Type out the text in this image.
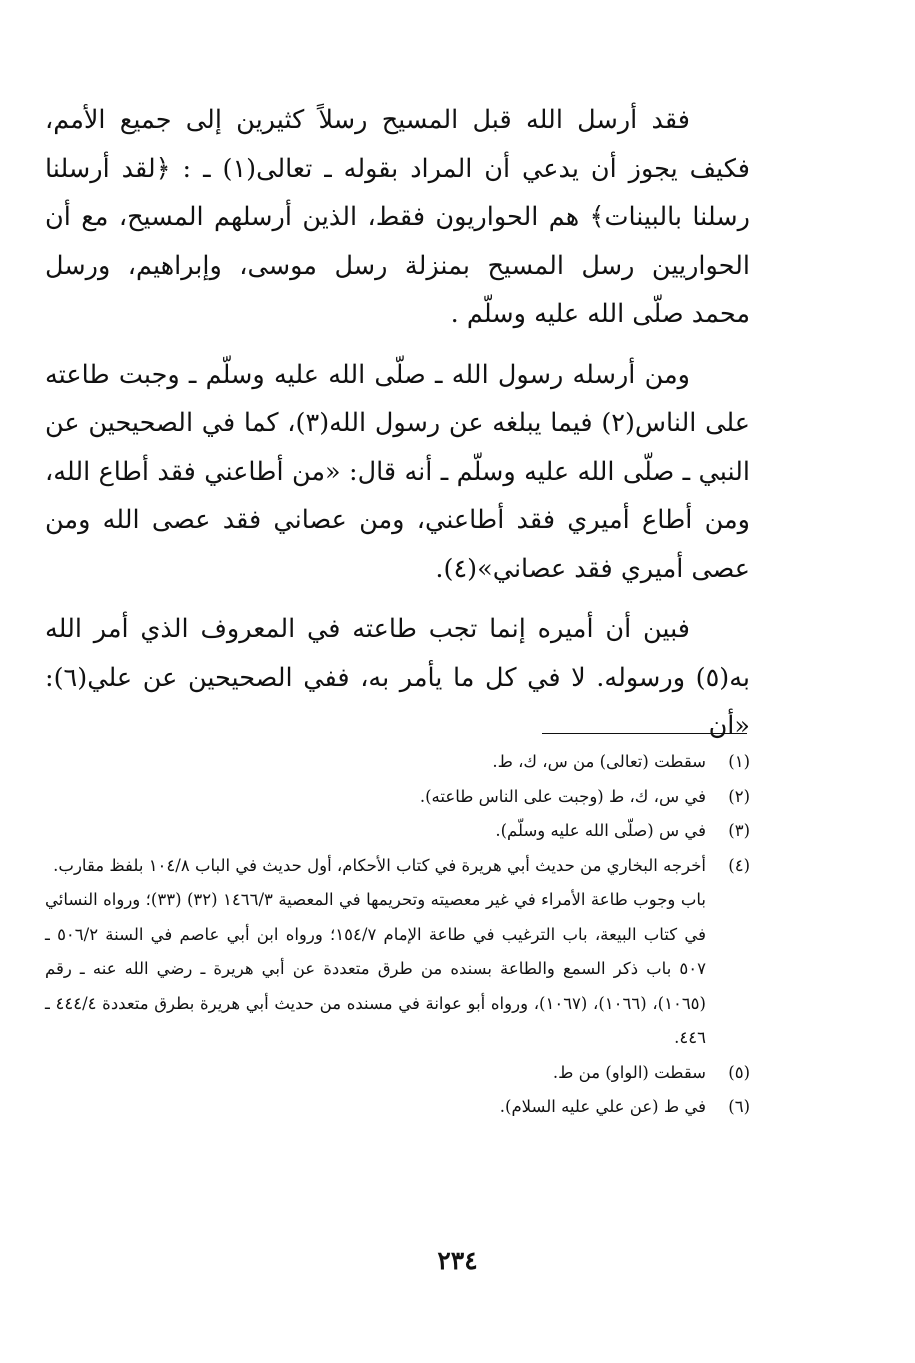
فقد أرسل الله قبل المسيح رسلاً كثيرين إلى جميع الأمم، فكيف يجوز أن يدعي أن المراد بقوله ـ تعالى(١) ـ : ﴿لقد أرسلنا رسلنا بالبينات﴾ هم الحواريون فقط، الذين أرسلهم المسيح، مع أن الحواريين رسل المسيح بمنزلة رسل موسى، وإبراهيم، ورسل محمد صلّى الله عليه وسلّم .

ومن أرسله رسول الله ـ صلّى الله عليه وسلّم ـ وجبت طاعته على الناس(٢) فيما يبلغه عن رسول الله(٣)، كما في الصحيحين عن النبي ـ صلّى الله عليه وسلّم ـ أنه قال: «من أطاعني فقد أطاع الله، ومن أطاع أميري فقد أطاعني، ومن عصاني فقد عصى الله ومن عصى أميري فقد عصاني»(٤).

فبين أن أميره إنما تجب طاعته في المعروف الذي أمر الله به(٥) ورسوله. لا في كل ما يأمر به، ففي الصحيحين عن علي(٦): «أن

(١)
سقطت (تعالى) من س، ك، ط.
(٢)
في س، ك، ط (وجبت على الناس طاعته).
(٣)
في س (صلّى الله عليه وسلّم).
(٤)
أخرجه البخاري من حديث أبي هريرة في كتاب الأحكام، أول حديث في الباب ١٠٤/٨ بلفظ مقارب.
باب وجوب طاعة الأمراء في غير معصيته وتحريمها في المعصية ١٤٦٦/٣ (٣٢) (٣٣)؛ ورواه النسائي في كتاب البيعة، باب الترغيب في طاعة الإمام ١٥٤/٧؛ ورواه ابن أبي عاصم في السنة ٥٠٦/٢ ـ ٥٠٧ باب ذكر السمع والطاعة بسنده من طرق متعددة عن أبي هريرة ـ رضي الله عنه ـ رقم (١٠٦٥)، (١٠٦٦)، (١٠٦٧)، ورواه أبو عوانة في مسنده من حديث أبي هريرة بطرق متعددة ٤٤٤/٤ ـ ٤٤٦.
(٥)
سقطت (الواو) من ط.
(٦)
في ط (عن علي عليه السلام).
٢٣٤
